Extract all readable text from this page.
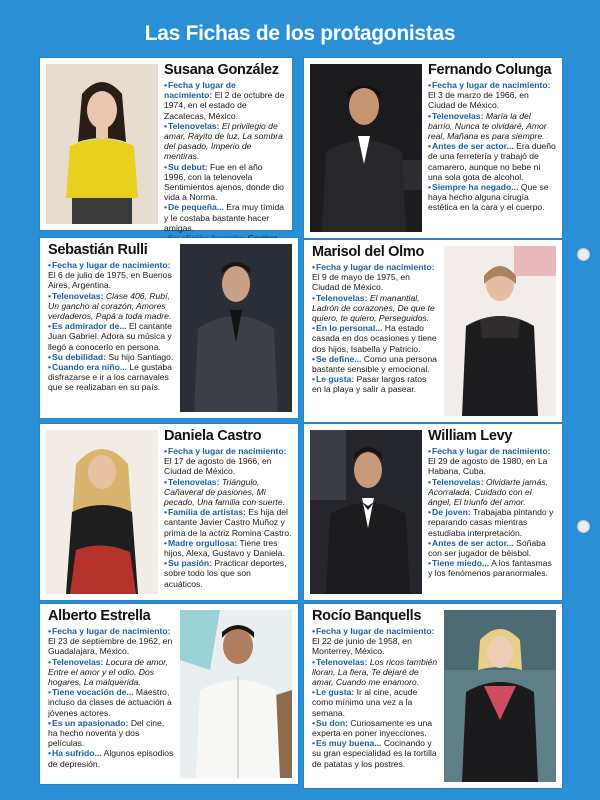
Las Fichas de los protagonistas
Susana González

• Fecha y lugar de nacimiento: El 2 de octubre de 1974, en el estado de Zacatecas, México.

• Telenovelas: El privilegio de amar, Rayito de luz, La sombra del pasado, Imperio de mentiras.

• Su debut: Fue en el año 1996, con la telenovela Sentimientos ajenos, donde dio vida a Norma.

• De pequeña... Era muy tímida y le costaba bastante hacer amigas.

•

Fernando Colunga

• Fecha y lugar de nacimiento: El 3 de marzo de 1966, en Ciudad de México.

• Telenovelas: María la del barrio, Nunca te olvidaré, Amor real, Mañana es para siempre.

• Antes de ser actor... Era dueño de una ferretería y trabajó de camarero, aunque no bebe ni una sola gota de alcohol.

• Siempre ha negado... Que se haya hecho alguna cirugía estética en la cara y el cuerpo.

Sebastián Rulli

• Fecha y lugar de nacimiento: El 6 de julio de 1975, en Buenos Aires, Argentina.

• Telenovelas: Clase 406, Rubí, Un gancho al corazón, Amores verdaderos, Papá a toda madre.

• Es admirador de... El cantante Juan Gabriel. Adora su música y llegó a conocerlo en persona.

• Su debilidad: Su hijo Santiago.

• Cuando era niño... Le gustaba disfrazarse e ir a los carnavales que se realizaban en su país.

Marisol del Olmo

• Fecha y lugar de nacimiento: El 9 de mayo de 1975, en Ciudad de México.

• Telenovelas: El manantial, Ladrón de corazones, De que te quiero, te quiero, Perseguidos.

• En lo personal... Ha estado casada en dos ocasiones y tiene dos hijos, Isabella y Patricio.

• Se define... Como una persona bastante sensible y emocional.

• Le gusta: Pasar largos ratos en la playa y salir a pasear.

Daniela Castro

• Fecha y lugar de nacimiento: El 17 de agosto de 1966, en Ciudad de México.

• Telenovelas: Triángulo, Cañaveral de pasiones, Mi pecado, Una familia con suerte.

• Familia de artistas: Es hija del cantante Javier Castro Muñoz y prima de la actriz Romina Castro.

• Madre orgullosa: Tiene tres hijos, Alexa, Gustavo y Daniela.

• Su pasión: Practicar deportes, sobre todo los que son acuáticos.

William Levy

• Fecha y lugar de nacimiento: El 29 de agosto de 1980, en La Habana, Cuba.

• Telenovelas: Olvidarte jamás, Acorralada, Cuidado con el ángel, El triunfo del amor.

• De joven: Trabajaba pintando y reparando casas mientras estudiaba interpretación.

• Antes de ser actor... Soñaba con ser jugador de béisbol.

• Tiene miedo... A los fantasmas y los fenómenos paranormales.

Alberto Estrella

• Fecha y lugar de nacimiento: El 23 de septiembre de 1962, en Guadalajara, México.

• Telenovelas: Locura de amor, Entre el amor y el odio, Dos hogares, La malquerida.

• Tiene vocación de... Maestro, incluso da clases de actuación a jóvenes actores.

• Es un apasionado: Del cine, ha hecho noventa y dos películas.

• Ha sufrido... Algunos episodios de depresión.

Rocío Banquells

• Fecha y lugar de nacimiento: El 22 de junio de 1958, en Monterrey, México.

• Telenovelas: Los ricos también lloran, La fiera, Te dejaré de amar, Cuando me enamoro.

• Le gusta: Ir al cine, acude como mínimo una vez a la semana.

• Su don: Curiosamente es una experta en poner inyecciones.

• Es muy buena... Cocinando y su gran especialidad es la tortilla de patatas y los postres.
